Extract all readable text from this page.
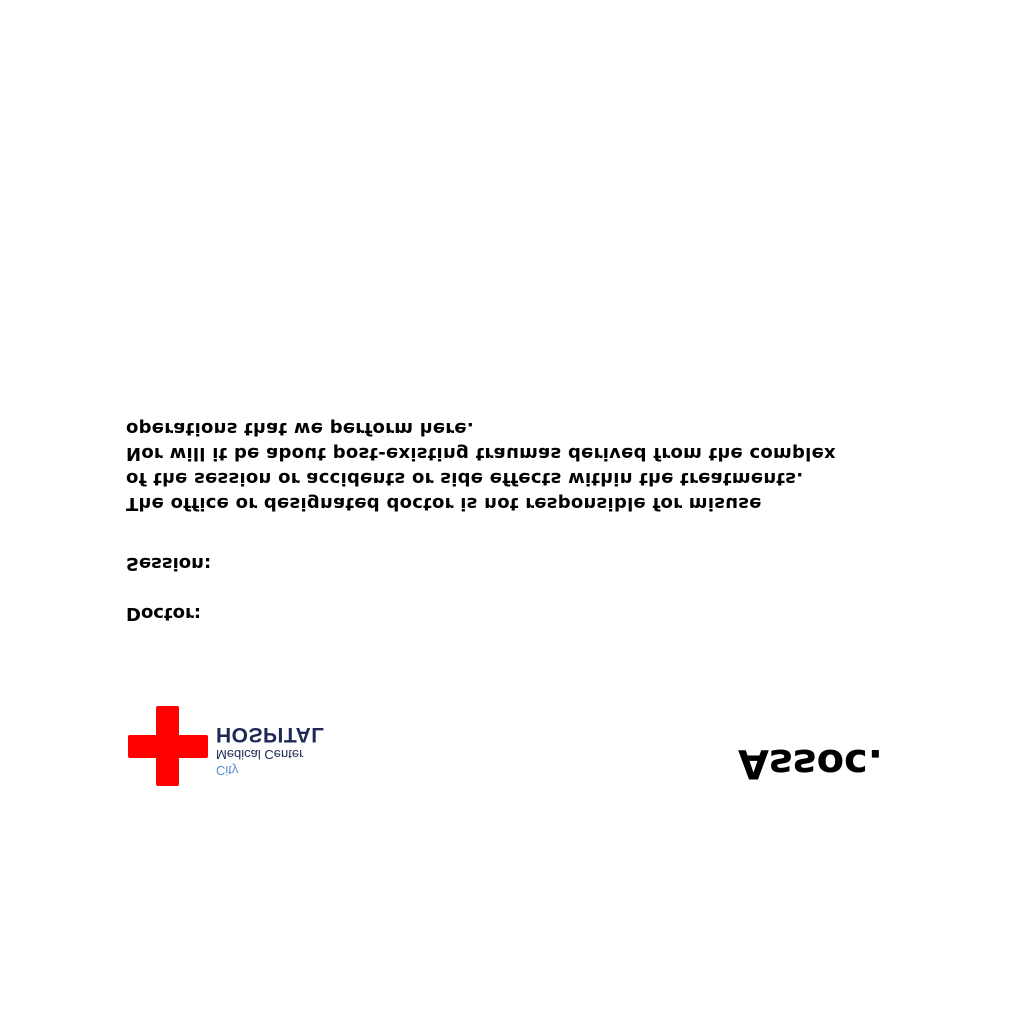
The office or designated doctor is not responsible for misuse
of the session or accidents or side effects within the treatments.
Nor will it be about post-existing traumas derived from the complex
operations that we perform here.
Session:
Doctor:
HOSPITAL
Medical Center
City	Assoc.
